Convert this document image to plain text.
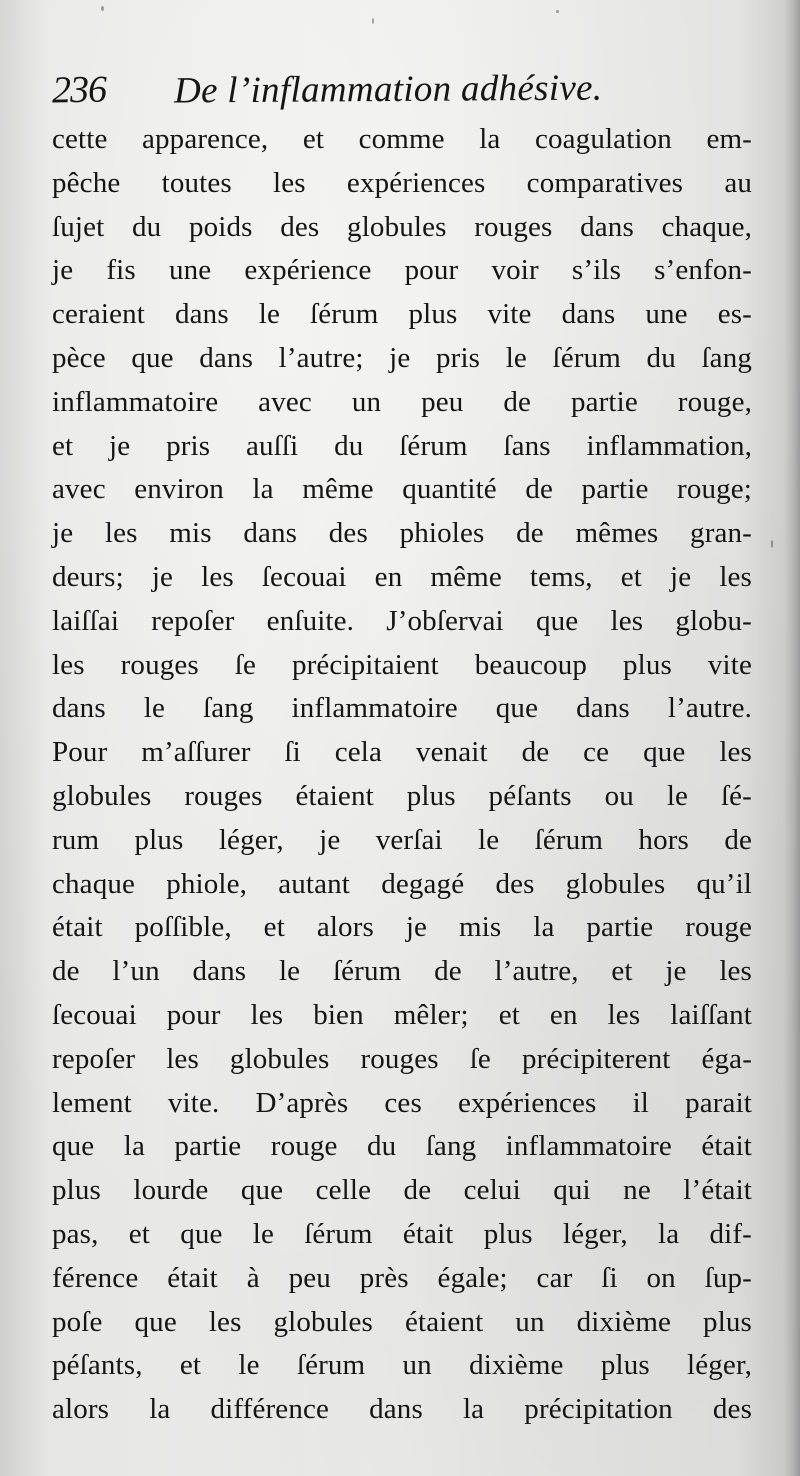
236 De l’inflammation adhésive.
cette apparence, et comme la coagulation em-
pêche toutes les expériences comparatives au
ſujet du poids des globules rouges dans chaque,
je fis une expérience pour voir s’ils s’enfon-
ceraient dans le ſérum plus vite dans une es-
pèce que dans l’autre; je pris le ſérum du ſang
inflammatoire avec un peu de partie rouge,
et je pris auſſi du ſérum ſans inflammation,
avec environ la même quantité de partie rouge;
je les mis dans des phioles de mêmes gran-
deurs; je les ſecouai en même tems, et je les
laiſſai repoſer enſuite. J’obſervai que les globu-
les rouges ſe précipitaient beaucoup plus vite
dans le ſang inflammatoire que dans l’autre.
Pour m’aſſurer ſi cela venait de ce que les
globules rouges étaient plus péſants ou le ſé-
rum plus léger, je verſai le ſérum hors de
chaque phiole, autant degagé des globules qu’il
était poſſible, et alors je mis la partie rouge
de l’un dans le ſérum de l’autre, et je les
ſecouai pour les bien mêler; et en les laiſſant
repoſer les globules rouges ſe précipiterent éga-
lement vite. D’après ces expériences il parait
que la partie rouge du ſang inflammatoire était
plus lourde que celle de celui qui ne l’était
pas, et que le ſérum était plus léger, la dif-
férence était à peu près égale; car ſi on ſup-
poſe que les globules étaient un dixième plus
péſants, et le ſérum un dixième plus léger,
alors la différence dans la précipitation des
